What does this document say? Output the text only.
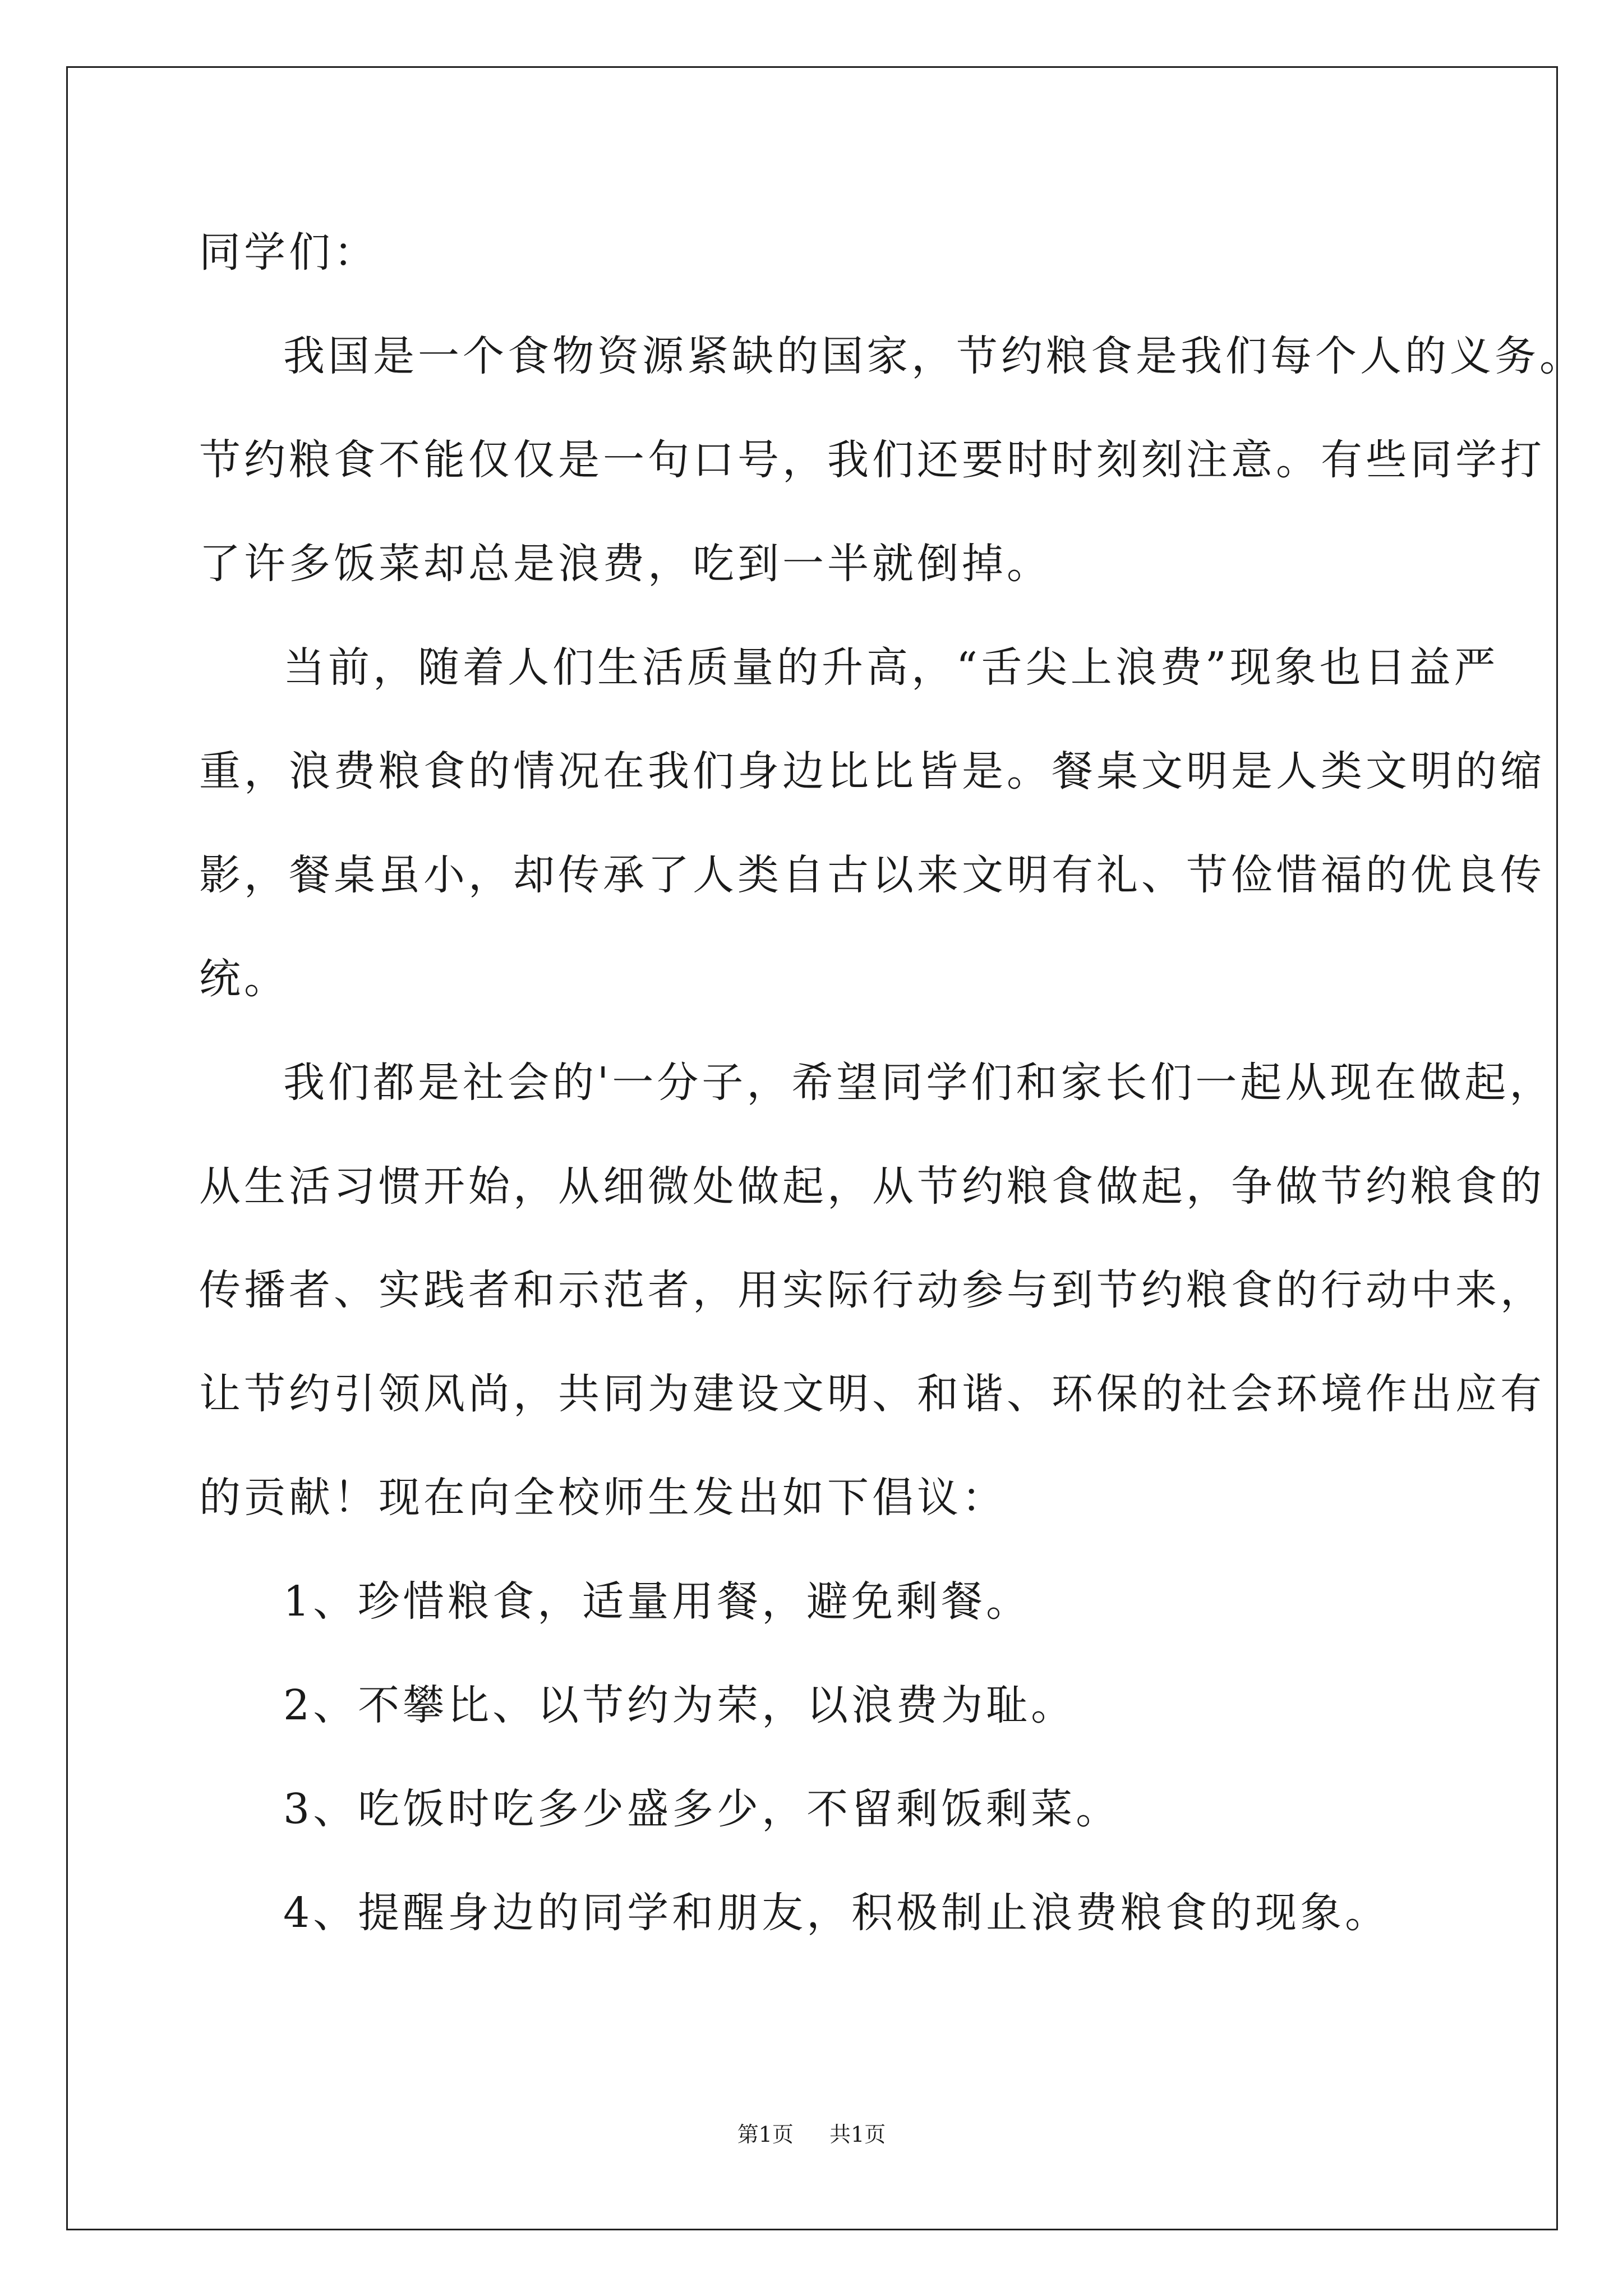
同学们：
我国是一个食物资源紧缺的国家，节约粮食是我们每个人的义务。
节约粮食不能仅仅是一句口号，我们还要时时刻刻注意。有些同学打
了许多饭菜却总是浪费，吃到一半就倒掉。
当前，随着人们生活质量的升高，“舌尖上浪费”现象也日益严
重，浪费粮食的情况在我们身边比比皆是。餐桌文明是人类文明的缩
影，餐桌虽小，却传承了人类自古以来文明有礼、节俭惜福的优良传
统。
我们都是社会的'一分子，希望同学们和家长们一起从现在做起，
从生活习惯开始，从细微处做起，从节约粮食做起，争做节约粮食的
传播者、实践者和示范者，用实际行动参与到节约粮食的行动中来，
让节约引领风尚，共同为建设文明、和谐、环保的社会环境作出应有
的贡献！现在向全校师生发出如下倡议：
1、珍惜粮食，适量用餐，避免剩餐。
2、不攀比、以节约为荣，以浪费为耻。
3、吃饭时吃多少盛多少，不留剩饭剩菜。
4、提醒身边的同学和朋友，积极制止浪费粮食的现象。
第1页 共1页
